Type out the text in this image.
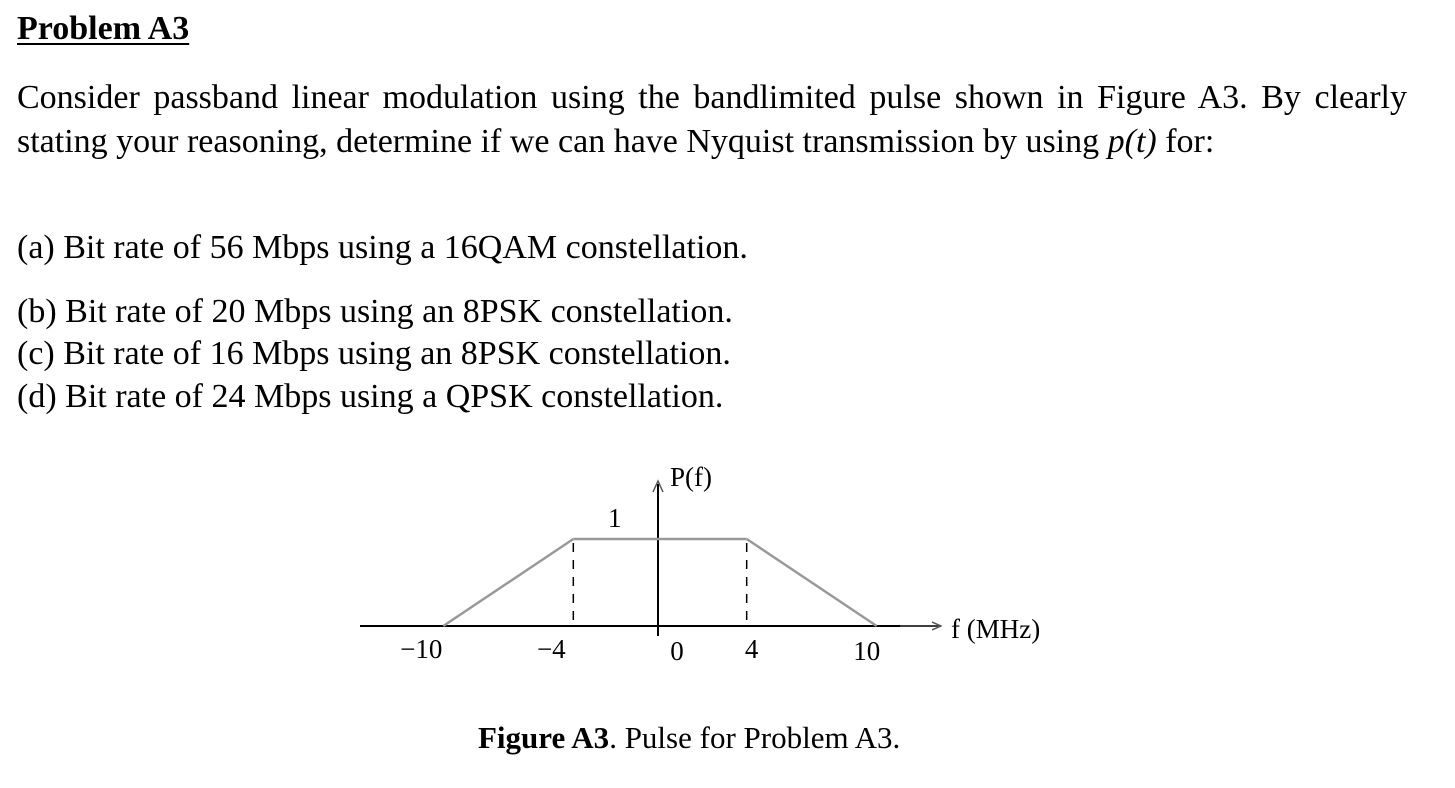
Problem A3
Consider passband linear modulation using the bandlimited pulse shown in Figure A3. By clearly stating your reasoning, determine if we can have Nyquist transmission by using p(t) for:
(a) Bit rate of 56 Mbps using a 16QAM constellation.
(b) Bit rate of 20 Mbps using an 8PSK constellation.
(c) Bit rate of 16 Mbps using an 8PSK constellation.
(d) Bit rate of 24 Mbps using a QPSK constellation.
P(f)
1
f (MHz)
−10	−4	0 4	10
Figure A3. Pulse for Problem A3.
